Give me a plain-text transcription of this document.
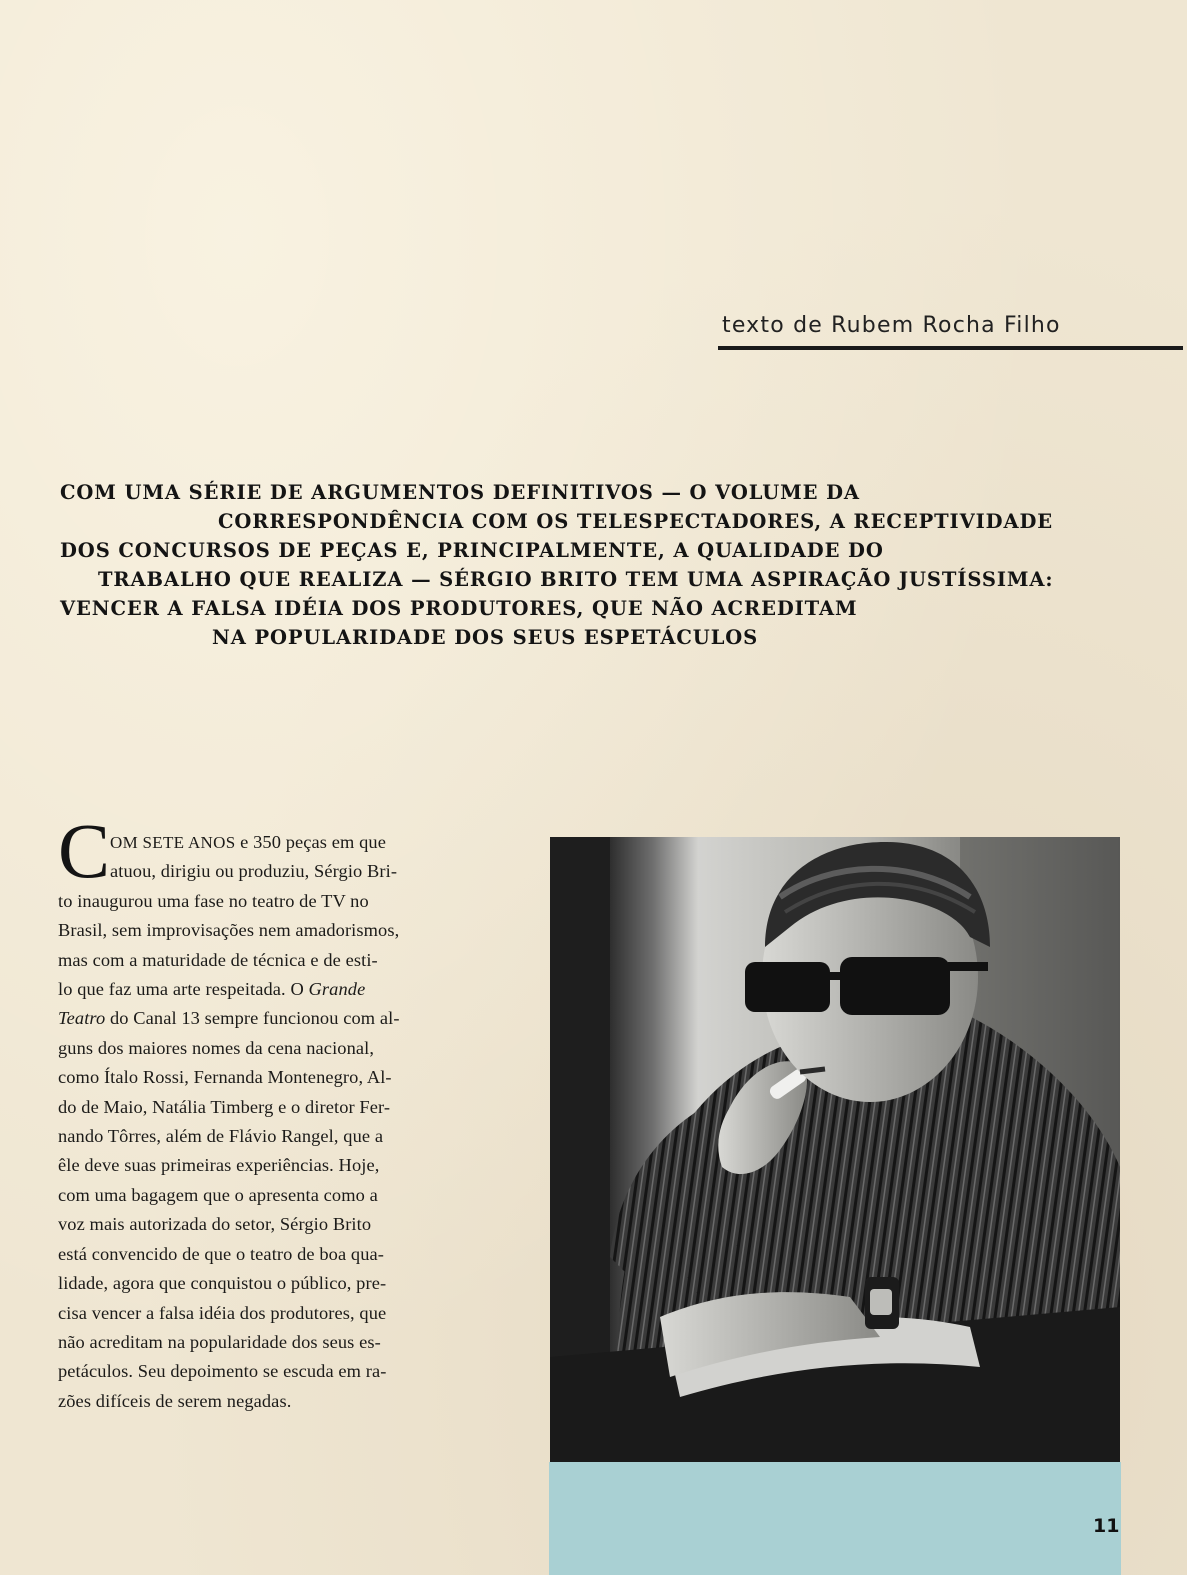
texto de Rubem Rocha Filho
COM UMA SÉRIE DE ARGUMENTOS DEFINITIVOS — O VOLUME DA
CORRESPONDÊNCIA COM OS TELESPECTADORES, A RECEPTIVIDADE
DOS CONCURSOS DE PEÇAS E, PRINCIPALMENTE, A QUALIDADE DO
TRABALHO QUE REALIZA — SÉRGIO BRITO TEM UMA ASPIRAÇÃO JUSTÍSSIMA:
VENCER A FALSA IDÉIA DOS PRODUTORES, QUE NÃO ACREDITAM
NA POPULARIDADE DOS SEUS ESPETÁCULOS
C OM SETE ANOS e 350 peças em que
atuou, dirigiu ou produziu, Sérgio Bri-
to inaugurou uma fase no teatro de TV no
Brasil, sem improvisações nem amadorismos,
mas com a maturidade de técnica e de esti-
lo que faz uma arte respeitada. O Grande
Teatro do Canal 13 sempre funcionou com al-
guns dos maiores nomes da cena nacional,
como Ítalo Rossi, Fernanda Montenegro, Al-
do de Maio, Natália Timberg e o diretor Fer-
nando Tôrres, além de Flávio Rangel, que a
êle deve suas primeiras experiências. Hoje,
com uma bagagem que o apresenta como a
voz mais autorizada do setor, Sérgio Brito
está convencido de que o teatro de boa qua-
lidade, agora que conquistou o público, pre-
cisa vencer a falsa idéia dos produtores, que
não acreditam na popularidade dos seus es-
petáculos. Seu depoimento se escuda em ra-
zões difíceis de serem negadas.
11
